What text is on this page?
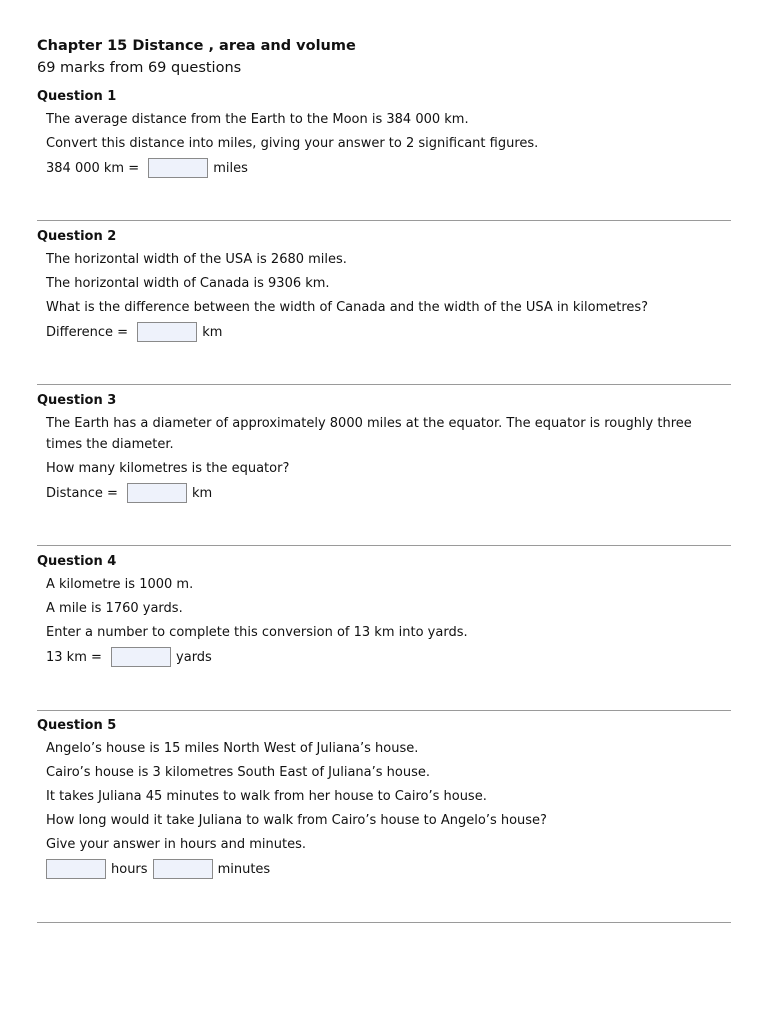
Chapter 15 Distance , area and volume
69 marks from 69 questions
Question 1
The average distance from the Earth to the Moon is 384 000 km.
Convert this distance into miles, giving your answer to 2 significant figures.
384 000 km =	miles
Question 2
The horizontal width of the USA is 2680 miles.
The horizontal width of Canada is 9306 km.
What is the difference between the width of Canada and the width of the USA in kilometres?
Difference =	km
Question 3
The Earth has a diameter of approximately 8000 miles at the equator. The equator is roughly three times the diameter.
How many kilometres is the equator?
Distance =	km
Question 4
A kilometre is 1000 m.
A mile is 1760 yards.
Enter a number to complete this conversion of 13 km into yards.
13 km =	yards
Question 5
Angelo’s house is 15 miles North West of Juliana’s house.
Cairo’s house is 3 kilometres South East of Juliana’s house.
It takes Juliana 45 minutes to walk from her house to Cairo’s house.
How long would it take Juliana to walk from Cairo’s house to Angelo’s house?
Give your answer in hours and minutes.
hours	minutes
